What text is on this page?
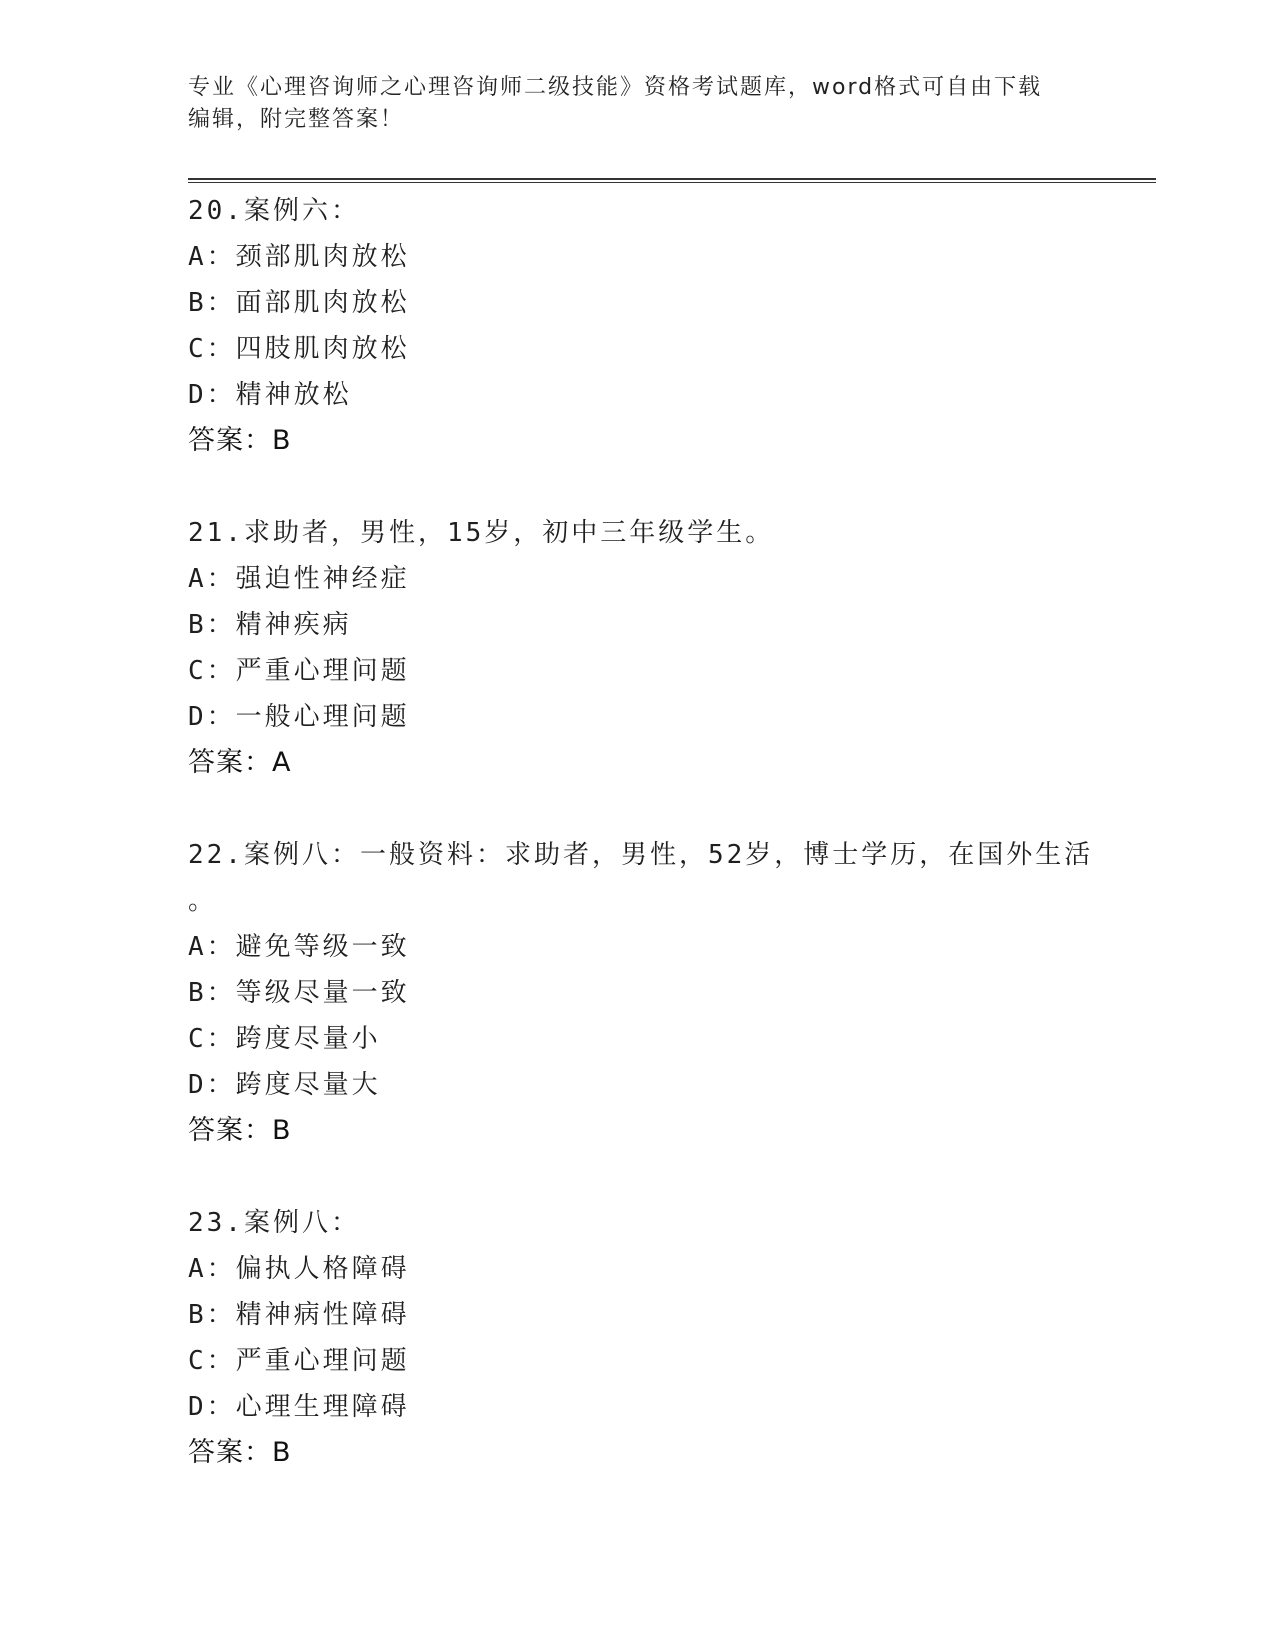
专业《心理咨询师之心理咨询师二级技能》资格考试题库，word格式可自由下载
编辑，附完整答案！
20.案例六：
A：颈部肌肉放松
B：面部肌肉放松
C：四肢肌肉放松
D：精神放松
答案：B
21.求助者，男性，15岁，初中三年级学生。
A：强迫性神经症
B：精神疾病
C：严重心理问题
D：一般心理问题
答案：A
22.案例八：一般资料：求助者，男性，52岁，博士学历，在国外生活
。
A：避免等级一致
B：等级尽量一致
C：跨度尽量小
D：跨度尽量大
答案：B
23.案例八：
A：偏执人格障碍
B：精神病性障碍
C：严重心理问题
D：心理生理障碍
答案：B
